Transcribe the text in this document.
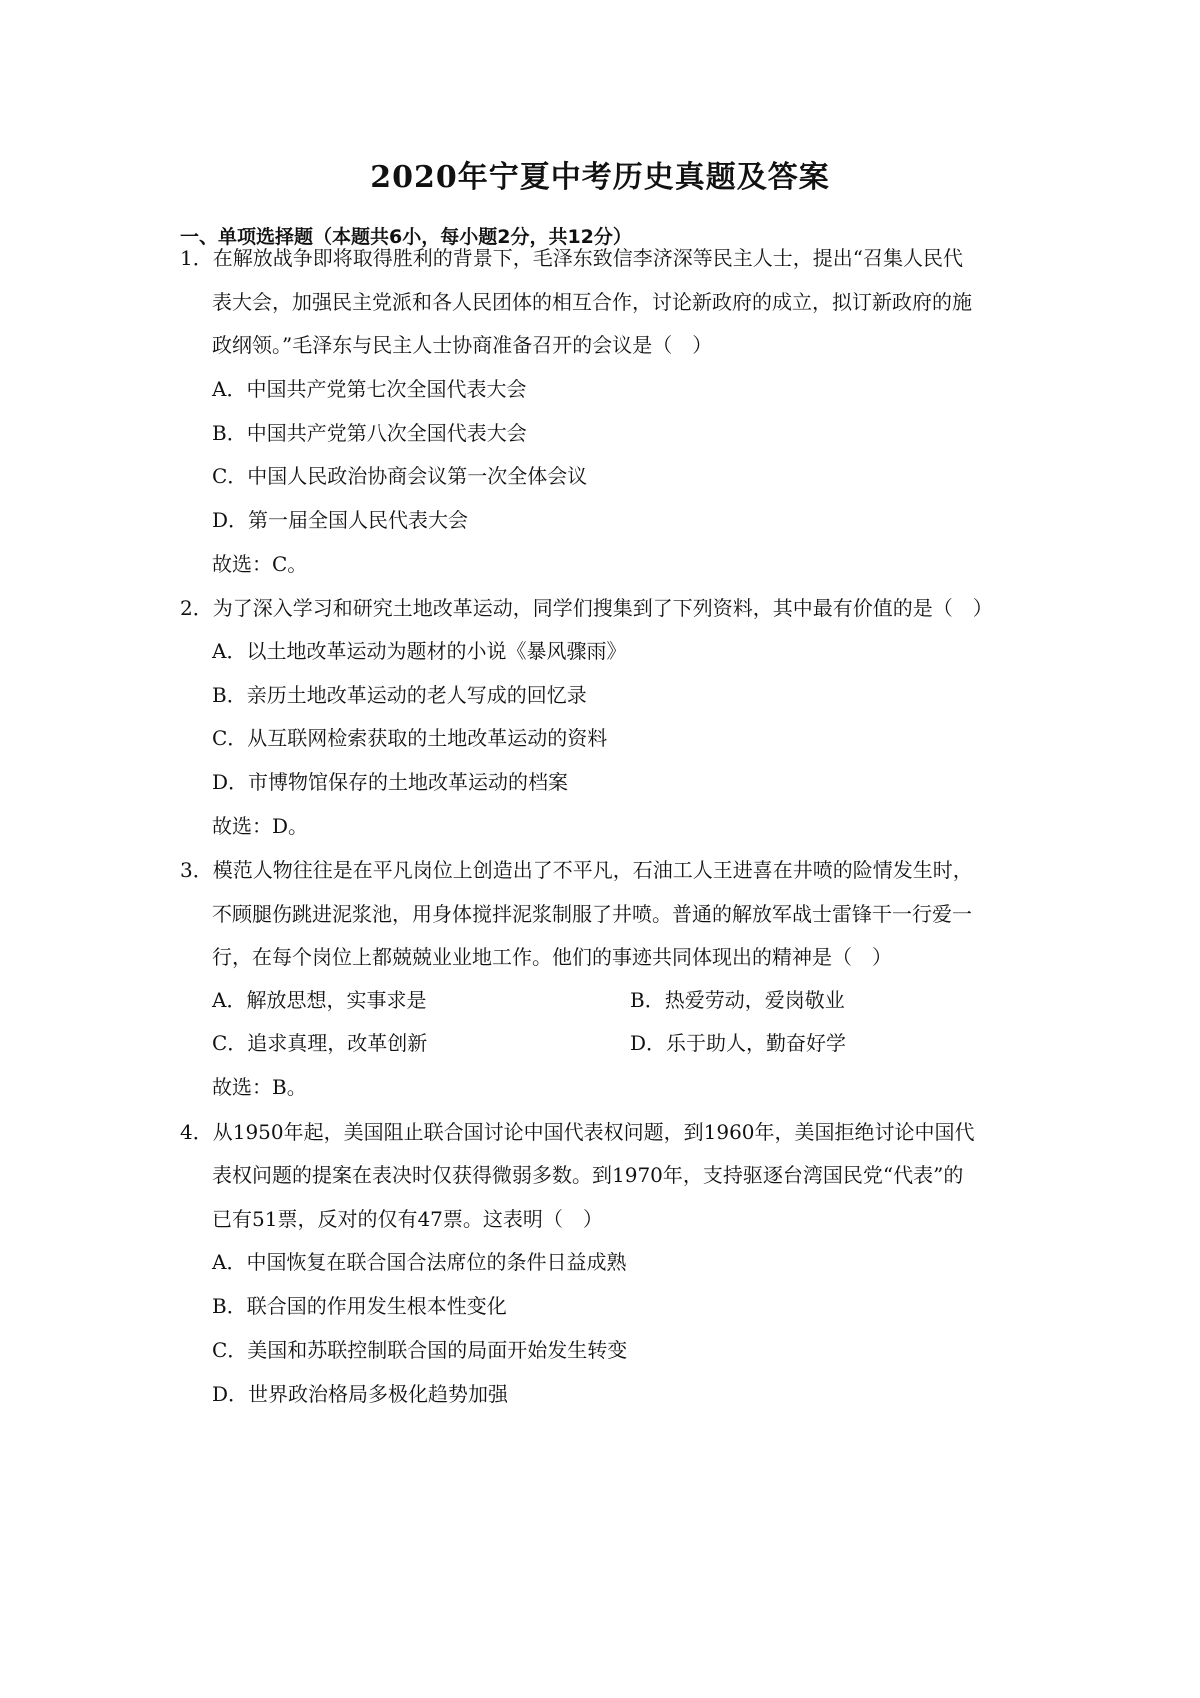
2020年宁夏中考历史真题及答案
一、单项选择题（本题共6小，每小题2分，共12分）
1．在解放战争即将取得胜利的背景下，毛泽东致信李济深等民主人士，提出“召集人民代
表大会，加强民主党派和各人民团体的相互合作，讨论新政府的成立，拟订新政府的施
政纲领。”毛泽东与民主人士协商准备召开的会议是（　）
A．中国共产党第七次全国代表大会
B．中国共产党第八次全国代表大会
C．中国人民政治协商会议第一次全体会议
D．第一届全国人民代表大会
故选：C。
2．为了深入学习和研究土地改革运动，同学们搜集到了下列资料，其中最有价值的是（　）
A．以土地改革运动为题材的小说《暴风骤雨》
B．亲历土地改革运动的老人写成的回忆录
C．从互联网检索获取的土地改革运动的资料
D．市博物馆保存的土地改革运动的档案
故选：D。
3．模范人物往往是在平凡岗位上创造出了不平凡，石油工人王进喜在井喷的险情发生时，
不顾腿伤跳进泥浆池，用身体搅拌泥浆制服了井喷。普通的解放军战士雷锋干一行爱一
行，在每个岗位上都兢兢业业地工作。他们的事迹共同体现出的精神是（　）
A．解放思想，实事求是	B．热爱劳动，爱岗敬业
C．追求真理，改革创新	D．乐于助人，勤奋好学
故选：B。
4．从1950年起，美国阻止联合国讨论中国代表权问题，到1960年，美国拒绝讨论中国代
表权问题的提案在表决时仅获得微弱多数。到1970年，支持驱逐台湾国民党“代表”的
已有51票，反对的仅有47票。这表明（　）
A．中国恢复在联合国合法席位的条件日益成熟
B．联合国的作用发生根本性变化
C．美国和苏联控制联合国的局面开始发生转变
D．世界政治格局多极化趋势加强
